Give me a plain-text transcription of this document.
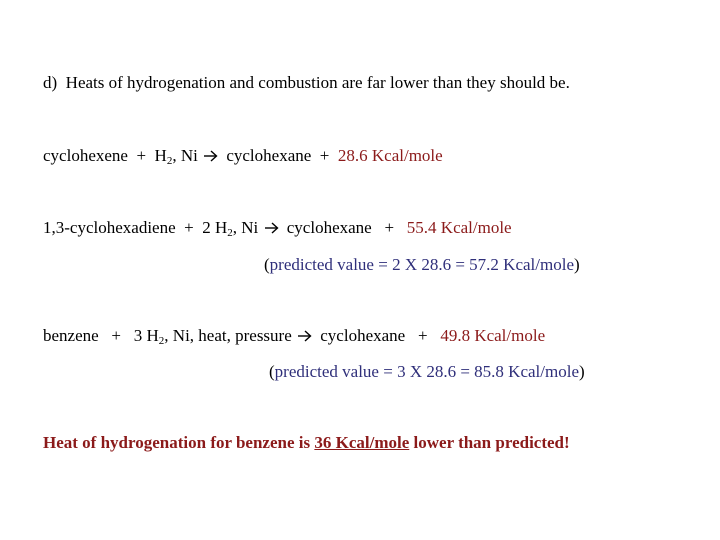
d)  Heats of hydrogenation and combustion are far lower than they should be.
cyclohexene  +  $H_2$, Ni cyclohexane  +  28.6 Kcal/mole
1,3-cyclohexadiene  +  2 $H_2$, Ni cyclohexane   +   55.4 Kcal/mole
(predicted value = 2 X 28.6 = 57.2 Kcal/mole)
benzene   +   3 $H_2$, Ni, heat, pressure cyclohexane   +   49.8 Kcal/mole
(predicted value = 3 X 28.6 = 85.8 Kcal/mole)
Heat of hydrogenation for benzene is 36 Kcal/mole lower than predicted!
